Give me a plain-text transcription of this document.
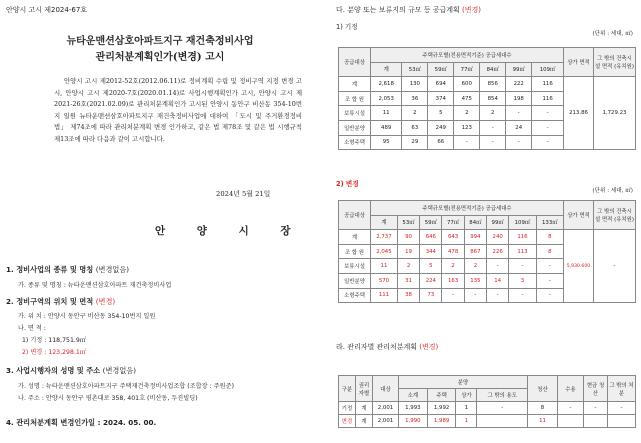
안양시 고시 제2024-67호
뉴타운맨션삼호아파트지구 재건축정비사업
관리처분계획인가(변경) 고시

안양시 고시 제2012-52호(2012.06.11)로 정비계획 수립 및 정비구역 지정 변경 고시, 안양시 고시 제2020-7호(2020.01.14)로 사업시행계획인가 고시, 안양시 고시 제2021-26호(2021.02.09)로 관리처분계획인가 고시된 안양시 동안구 비산동 354-10번지 일원 뉴타운맨션삼호아파트지구 재건축정비사업에 대하여 「도시 및 주거환경정비법」 제74조에 따라 관리처분계획 변경 인가하고, 같은 법 제78조 및 같은 법 시행규칙 제13조에 따라 다음과 같이 고시합니다.

2024년 5월 21일
안 양 시 장
1. 정비사업의 종류 및 명칭 (변경없음)
가. 종류 및 명칭 : 뉴타운맨션삼호아파트 재건축정비사업
2. 정비구역의 위치 및 면적 (변경)
가. 위 치 : 안양시 동안구 비산동 354-10번지 일원
나. 면 적 :
1) 기정 : 118,751.9㎡
2) 변경 : 123,298.1㎡
3. 사업시행자의 성명 및 주소 (변경없음)
가. 성명 : 뉴타운맨션삼호아파트지구 주택재건축정비사업조합 (조합장 : 주원준)
나. 주소 : 안양시 동안구 평촌대로 358, 401호 (비산동, 두진빌딩)
4. 관리처분계획 변경인가일 : 2024. 05. 00.
다. 분양 또는 보류지의 규모 등 공급계획 (변경)
1) 기정
(단위 : 세대, ㎡)
공급대상	주택규모별(전용면적기준) 공급세대수							상가 면적	그 밖의 건축시설 면적 (유치원)
	계	53㎡	59㎡	77㎡	84㎡	99㎡	109㎡		
계	2,618	130	694	600	856	222	116	213.86	1,729.23
조 합 원	2,053	36	374	475	854	198	116		
보류시설	11	2	5	2	2	-	-		
일반분양	489	63	249	123	-	24	-		
소형주택	95	29	66	-	-	-	-		
2) 변경
(단위 : 세대, ㎡)
공급대상	주택규모별(전용면적기준) 공급세대수								상가 면적	그 밖의 건축시설 면적 (유치원)
	계	53㎡	59㎡	77㎡	84㎡	99㎡	109㎡	133㎡		
계	2,737	90	646	643	994	240	116	8	5,930.600	-
조 합 원	2,045	19	344	478	867	226	113	8		
보류시설	11	2	5	2	2	-	-	-		
일반분양	570	31	224	163	135	14	3	-		
소형주택	111	38	73	-	-	-	-	-		
라. 관리자별 관리처분계획 (변경)
구분	권리 자별	대상	분양				청산	수용	현금 청산	그 밖의 처분
			소계	주택	상가	그 밖의 용도				
기정	계	2,001	1,993	1,992	1	-	8	-	-	-
변경	계	2,001	1,990	1,989	1		11			
